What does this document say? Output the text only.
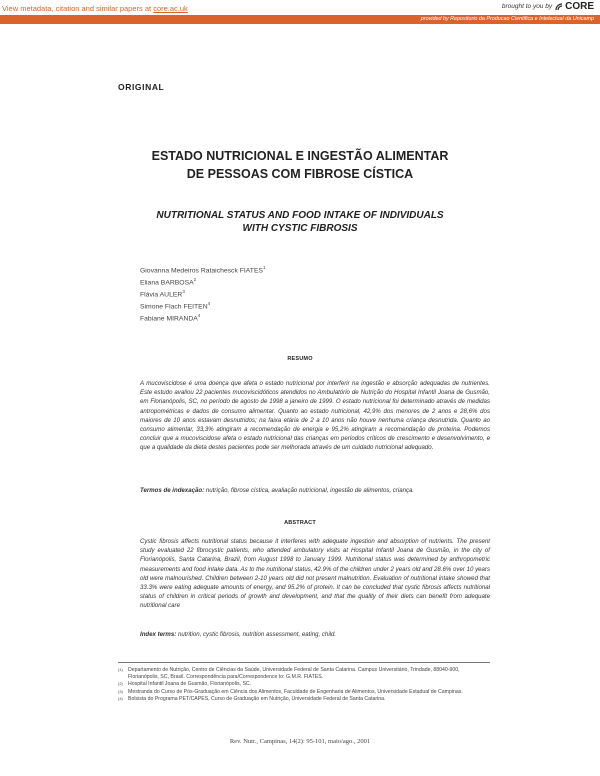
View metadata, citation and similar papers at core.ac.uk	brought to you by CORE
provided by Repositorio da Producao Cientifica e Intelectual da Unicamp
ORIGINAL
ESTADO NUTRICIONAL E INGESTÃO ALIMENTAR
DE PESSOAS COM FIBROSE CÍSTICA
NUTRITIONAL STATUS AND FOOD INTAKE OF INDIVIDUALS
WITH CYSTIC FIBROSIS
Giovanna Medeiros Rataichesck FIATES$^1$
Eliana BARBOSA$^2$
Flávia AULER$^3$
Simone Flach FEITEN$^4$
Fabiane MIRANDA$^4$
RESUMO
A mucoviscidose é uma doença que afeta o estado nutricional por interferir na ingestão e absorção adequadas de nutrientes. Este estudo avaliou 22 pacientes mucoviscidóticos atendidos no Ambulatório de Nutrição do Hospital Infantil Joana de Gusmão, em Florianópolis, SC, no período de agosto de 1998 a janeiro de 1999. O estado nutricional foi determinado através de medidas antropométricas e dados de consumo alimentar. Quanto ao estado nutricional, 42,9% dos menores de 2 anos e 28,6% dos maiores de 10 anos estavam desnutridos; na faixa etária de 2 a 10 anos não houve nenhuma criança desnutrida. Quanto ao consumo alimentar, 33,3% atingiram a recomendação de energia e 95,2% atingiram a recomendação de proteína. Podemos concluir que a mucoviscidose afeta o estado nutricional das crianças em períodos críticos de crescimento e desenvolvimento, e que a qualidade da dieta destes pacientes pode ser melhorada através de um cuidado nutricional adequado.
Termos de indexação: nutrição, fibrose cística, avaliação nutricional, ingestão de alimentos, criança.
ABSTRACT
Cystic fibrosis affects nutritional status because it interferes with adequate ingestion and absorption of nutrients. The present study evaluated 22 fibrocystic patients, who attended ambulatory visits at Hospital Infantil Joana de Gusmão, in the city of Florianópolis, Santa Catarina, Brazil, from August 1998 to January 1999. Nutritional status was determined by anthropometric measurements and food intake data. As to the nutritional status, 42.9% of the children under 2 years old and 28.6% over 10 years old were malnourished. Children between 2-10 years old did not present malnutrition. Evaluation of nutritional intake showed that 33.3% were eating adequate amounts of energy, and 95.2% of protein. It can be concluded that cystic fibrosis affects nutritional status of children in critical periods of growth and development, and that the quality of their diets can benefit from adequate nutritional care
Index terms: nutrition, cystic fibrosis, nutrition assessment, eating, child.
(1) Departamento de Nutrição, Centro de Ciências da Saúde, Universidade Federal de Santa Catarina. Campus Universitário, Trindade, 88040-900, Florianópolis, SC, Brasil. Correspondência para/Correspondence to: G.M.R. FIATES.
(2) Hospital Infantil Joana de Gusmão, Florianópolis, SC.
(3) Mestranda do Curso de Pós-Graduação em Ciência dos Alimentos, Faculdade de Engenharia de Alimentos, Universidade Estadual de Campinas.
(4) Bolsista do Programa PET/CAPES, Curso de Graduação em Nutrição, Universidade Federal de Santa Catarina.
Rev. Nutr., Campinas, 14(2): 95-101, maio/ago., 2001
